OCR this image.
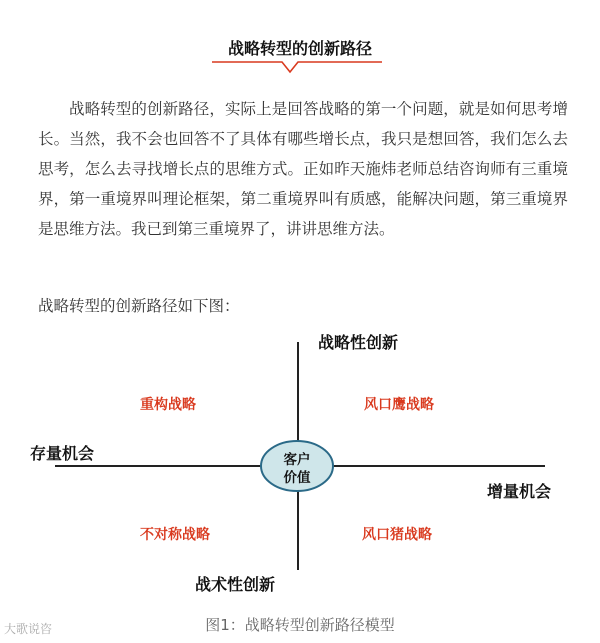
战略转型的创新路径

战略转型的创新路径，实际上是回答战略的第一个问题，就是如何思考增长。当然，我不会也回答不了具体有哪些增长点，我只是想回答，我们怎么去思考，怎么去寻找增长点的思维方式。正如昨天施炜老师总结咨询师有三重境界，第一重境界叫理论框架，第二重境界叫有质感，能解决问题，第三重境界是思维方法。我已到第三重境界了，讲讲思维方法。

战略转型的创新路径如下图：
战略性创新
战术性创新
存量机会
增量机会
重构战略	风口鹰战略
不对称战略	风口猪战略
客户
价值
图1：战略转型创新路径模型
大歌说咨
